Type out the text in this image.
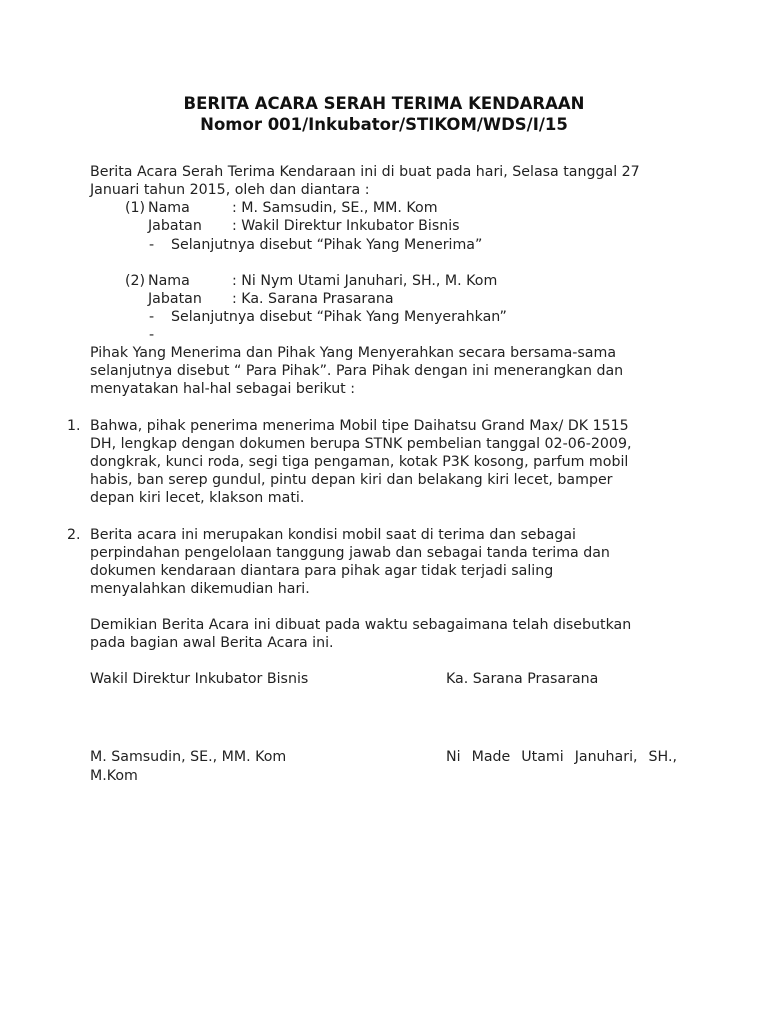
BERITA ACARA SERAH TERIMA KENDARAAN
Nomor 001/Inkubator/STIKOM/WDS/I/15
Berita Acara Serah Terima Kendaraan ini di buat pada hari, Selasa tanggal 27
Januari tahun 2015, oleh dan diantara :
(1) Nama	: M. Samsudin, SE., MM. Kom
Jabatan : Wakil Direktur Inkubator Bisnis
- Selanjutnya disebut “Pihak Yang Menerima”
(2) Nama	: Ni Nym Utami Januhari, SH., M. Kom
Jabatan : Ka. Sarana Prasarana
- Selanjutnya disebut “Pihak Yang Menyerahkan”
-
Pihak Yang Menerima dan Pihak Yang Menyerahkan secara bersama-sama
selanjutnya disebut “ Para Pihak”. Para Pihak dengan ini menerangkan dan
menyatakan hal-hal sebagai berikut :
1. Bahwa, pihak penerima menerima Mobil tipe Daihatsu Grand Max/ DK 1515
DH, lengkap dengan dokumen berupa STNK pembelian tanggal 02-06-2009,
dongkrak, kunci roda, segi tiga pengaman, kotak P3K kosong, parfum mobil
habis, ban serep gundul, pintu depan kiri dan belakang kiri lecet, bamper
depan kiri lecet, klakson mati.
2. Berita acara ini merupakan kondisi mobil saat di terima dan sebagai
perpindahan pengelolaan tanggung jawab dan sebagai tanda terima dan
dokumen kendaraan diantara para pihak agar tidak terjadi saling
menyalahkan dikemudian hari.
Demikian Berita Acara ini dibuat pada waktu sebagaimana telah disebutkan
pada bagian awal Berita Acara ini.
Wakil Direktur Inkubator Bisnis	Ka. Sarana Prasarana
M. Samsudin, SE., MM. Kom	Ni Made Utami Januhari, SH.,
M.Kom
